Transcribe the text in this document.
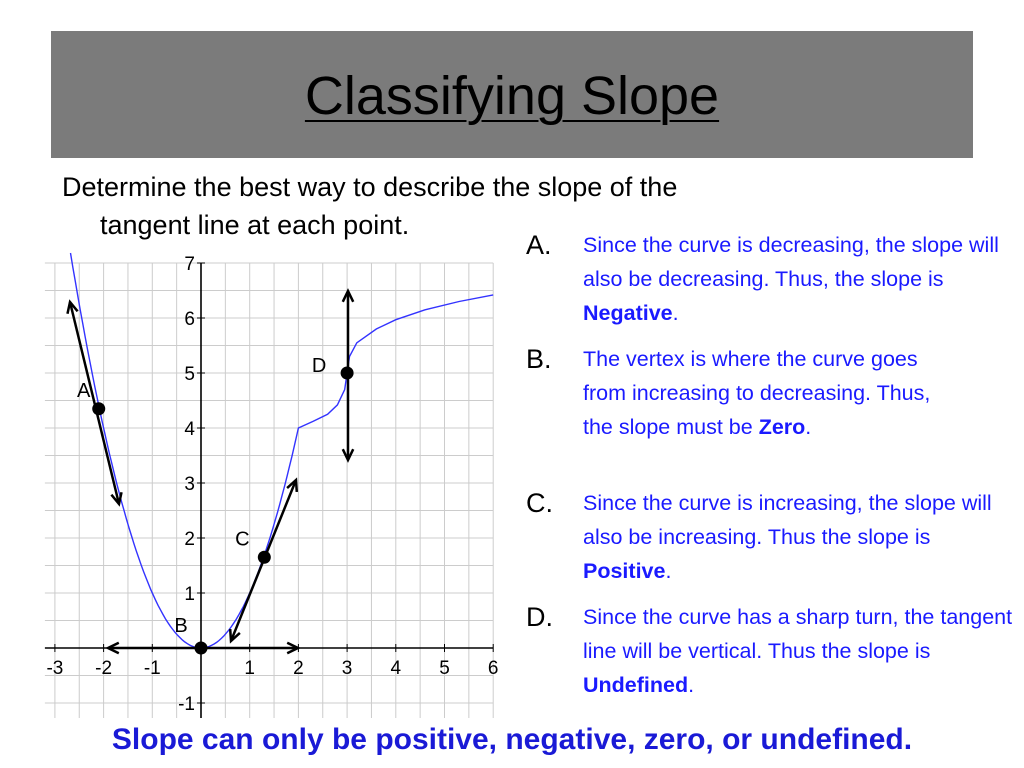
Classifying Slope
Determine the best way to describe the slope of the
tangent line at each point.
-3 -2 -1	1 2 3 4 5 6
7
6
5
4
3
2
1
-1
A
B
C
D
A. Since the curve is decreasing, the slope will also be decreasing. Thus, the slope is Negative.
B. The vertex is where the curve goes from increasing to decreasing. Thus, the slope must be Zero.
C. Since the curve is increasing, the slope will also be increasing. Thus the slope is Positive.
D. Since the curve has a sharp turn, the tangent line will be vertical. Thus the slope is Undefined.
Slope can only be positive, negative, zero, or undefined.
